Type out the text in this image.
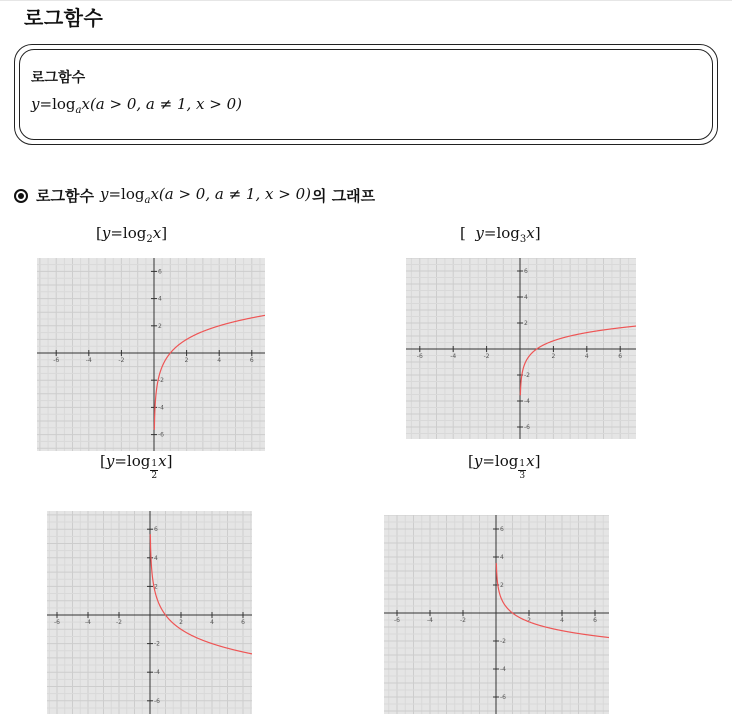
로그함수
로그함수
$y=\log_ax(a > 0$, a ≠ 1, x > 0)
로그함수 $y=\log_ax(a > 0$, a ≠ 1, x > 0) 의 그래프
$[y=\log_2x]$	[ $y=\log_3x$]
$[y=\log \frac{1}{2} x]$	$[y=\log \frac{1}{3} x]$
-6	-4	-2	2	4	6
6
4
2
-2
-4
-6
-6	-4	-2	2	4	6
6
4
2
-2
-4
-6
-6	-4	-2	2	4	6
6
4
2
-2
-4
-6
-6	-4	-2	2	4	6
6
4
2
-2
-4
-6
